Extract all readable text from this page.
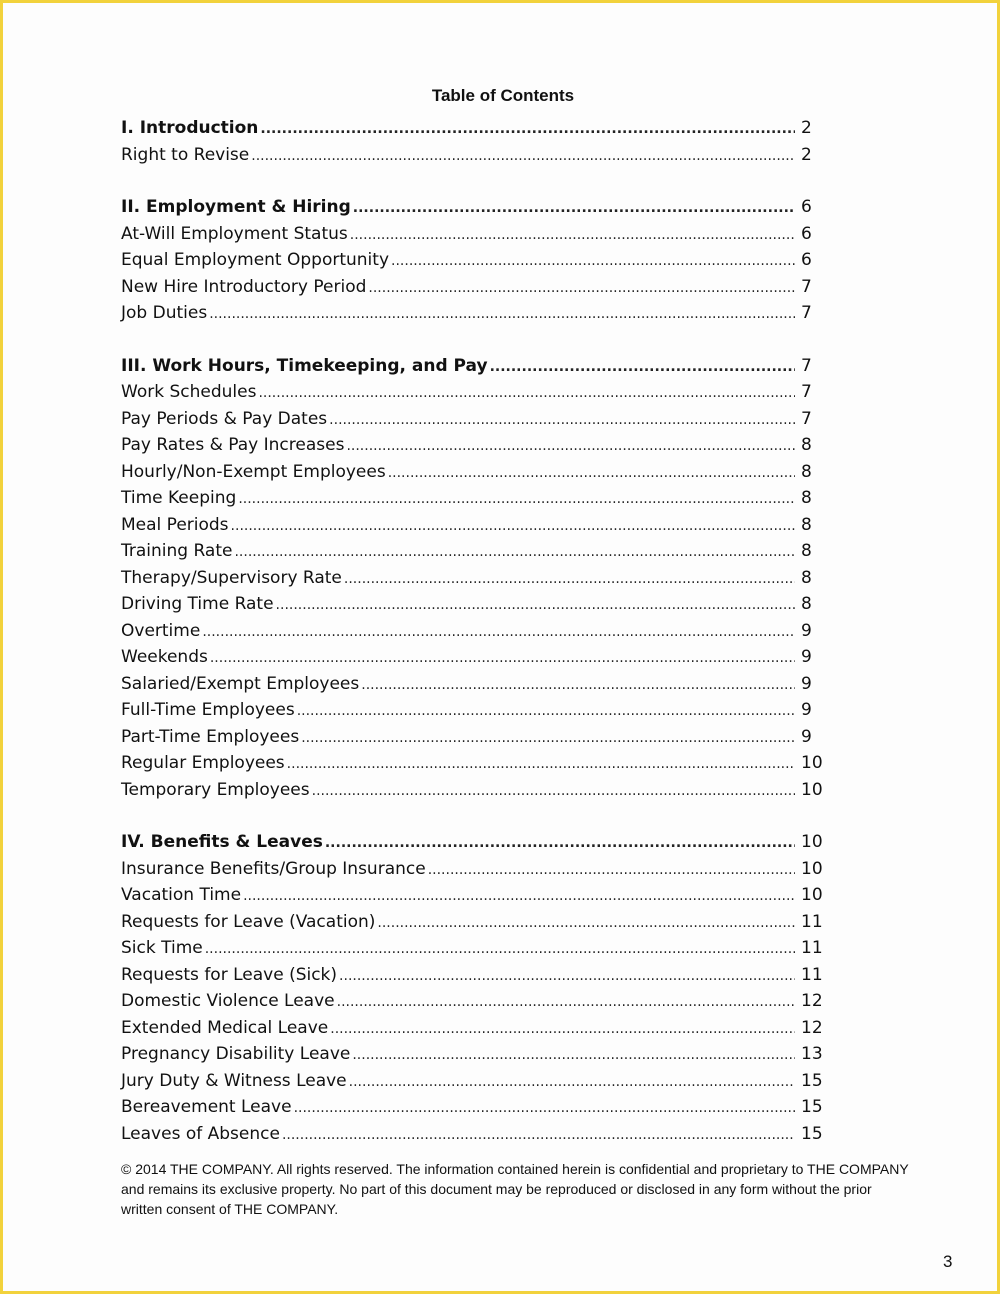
Table of Contents
I. Introduction .....	2
Right to Revise .....	2
II. Employment & Hiring .....	6
At-Will Employment Status .....	6
Equal Employment Opportunity .....	6
New Hire Introductory Period .....	7
Job Duties .....	7
III. Work Hours, Timekeeping, and Pay .....	7
Work Schedules .....	7
Pay Periods & Pay Dates .....	7
Pay Rates & Pay Increases .....	8
Hourly/Non-Exempt Employees .....	8
Time Keeping .....	8
Meal Periods .....	8
Training Rate .....	8
Therapy/Supervisory Rate .....	8
Driving Time Rate .....	8
Overtime .....	9
Weekends .....	9
Salaried/Exempt Employees .....	9
Full-Time Employees .....	9
Part-Time Employees .....	9
Regular Employees .....	10
Temporary Employees .....	10
IV. Benefits & Leaves .....	10
Insurance Benefits/Group Insurance .....	10
Vacation Time .....	10
Requests for Leave (Vacation) .....	11
Sick Time .....	11
Requests for Leave (Sick) .....	11
Domestic Violence Leave .....	12
Extended Medical Leave .....	12
Pregnancy Disability Leave .....	13
Jury Duty & Witness Leave .....	15
Bereavement Leave .....	15
Leaves of Absence .....	15

© 2014 THE COMPANY. All rights reserved. The information contained herein is confidential and proprietary to THE COMPANY and remains its exclusive property. No part of this document may be reproduced or disclosed in any form without the prior written consent of THE COMPANY.

3
